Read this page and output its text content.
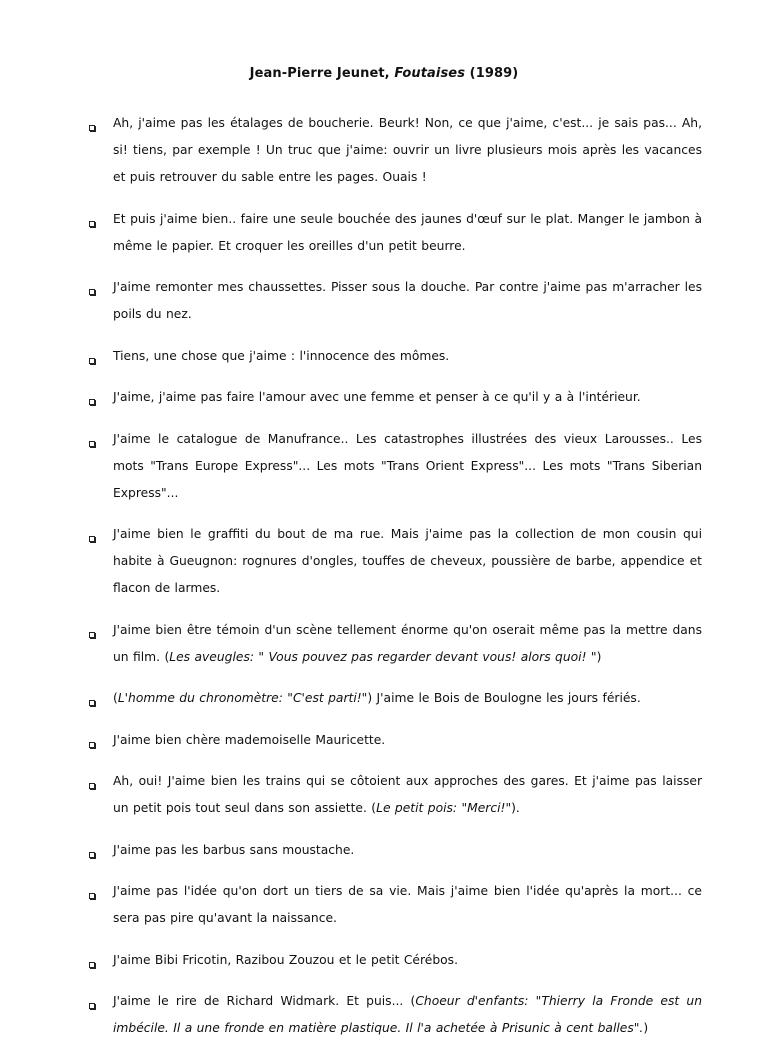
Jean-Pierre Jeunet, Foutaises (1989)
Ah, j'aime pas les étalages de boucherie. Beurk! Non, ce que j'aime, c'est... je sais pas... Ah, si! tiens, par exemple ! Un truc que j'aime: ouvrir un livre plusieurs mois après les vacances et puis retrouver du sable entre les pages. Ouais !
Et puis j'aime bien.. faire une seule bouchée des jaunes d'œuf sur le plat. Manger le jambon à même le papier. Et croquer les oreilles d'un petit beurre.
J'aime remonter mes chaussettes. Pisser sous la douche. Par contre j'aime pas m'arracher les poils du nez.
Tiens, une chose que j'aime : l'innocence des mômes.
J'aime, j'aime pas faire l'amour avec une femme et penser à ce qu'il y a à l'intérieur.
J'aime le catalogue de Manufrance.. Les catastrophes illustrées des vieux Larousses.. Les mots "Trans Europe Express"... Les mots "Trans Orient Express"... Les mots "Trans Siberian Express"...
J'aime bien le graffiti du bout de ma rue. Mais j'aime pas la collection de mon cousin qui habite à Gueugnon: rognures d'ongles, touffes de cheveux, poussière de barbe, appendice et flacon de larmes.
J'aime bien être témoin d'un scène tellement énorme qu'on oserait même pas la mettre dans un film. (Les aveugles: " Vous pouvez pas regarder devant vous! alors quoi! ")
(L'homme du chronomètre: "C'est parti!") J'aime le Bois de Boulogne les jours fériés.
J'aime bien chère mademoiselle Mauricette.
Ah, oui! J'aime bien les trains qui se côtoient aux approches des gares. Et j'aime pas laisser un petit pois tout seul dans son assiette. (Le petit pois: "Merci!").
J'aime pas les barbus sans moustache.
J'aime pas l'idée qu'on dort un tiers de sa vie. Mais j'aime bien l'idée qu'après la mort... ce sera pas pire qu'avant la naissance.
J'aime Bibi Fricotin, Razibou Zouzou et le petit Cérébos.
J'aime le rire de Richard Widmark. Et puis... (Choeur d'enfants: "Thierry la Fronde est un imbécile. Il a une fronde en matière plastique. Il l'a achetée à Prisunic à cent balles".)
